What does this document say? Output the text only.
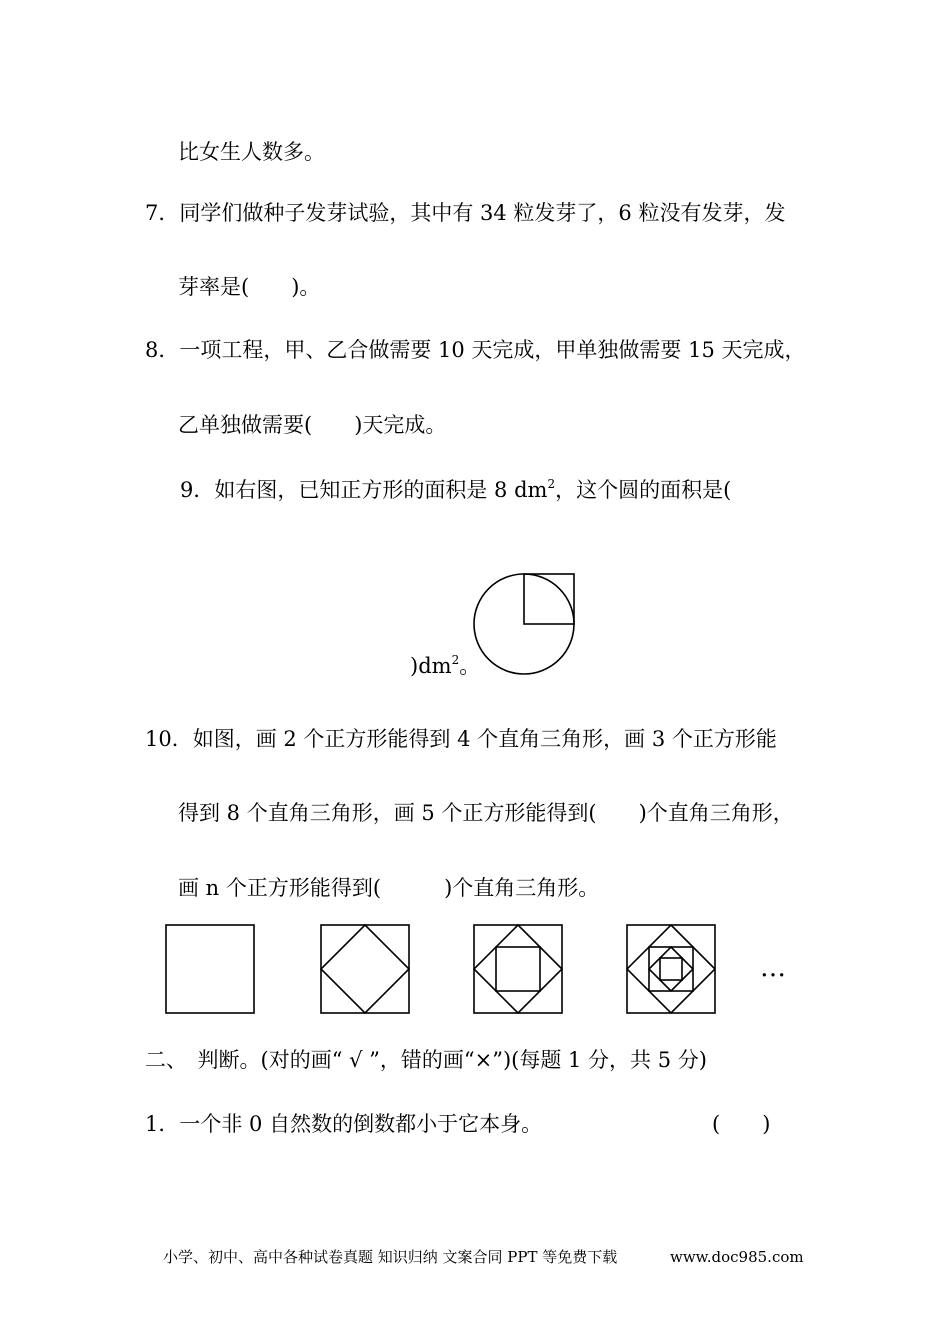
比女生人数多。
7．同学们做种子发芽试验，其中有 34 粒发芽了，6 粒没有发芽，发
芽率是(　　)。
8．一项工程，甲、乙合做需要 10 天完成，甲单独做需要 15 天完成，
乙单独做需要(　　)天完成。
9．如右图，已知正方形的面积是 8 $dm^2$，这个圆的面积是(
)$dm^2$。
10．如图，画 2 个正方形能得到 4 个直角三角形，画 3 个正方形能
得到 8 个直角三角形，画 5 个正方形能得到(　　)个直角三角形，
画 n 个正方形能得到(　　　)个直角三角形。
…
二、　判断。(对的画“ √ ”，错的画“×”)(每题 1 分，共 5 分)
1．一个非 0 自然数的倒数都小于它本身。	(　　)
小学、初中、高中各种试卷真题 知识归纳 文案合同 PPT 等免费下载	www.doc985.com
